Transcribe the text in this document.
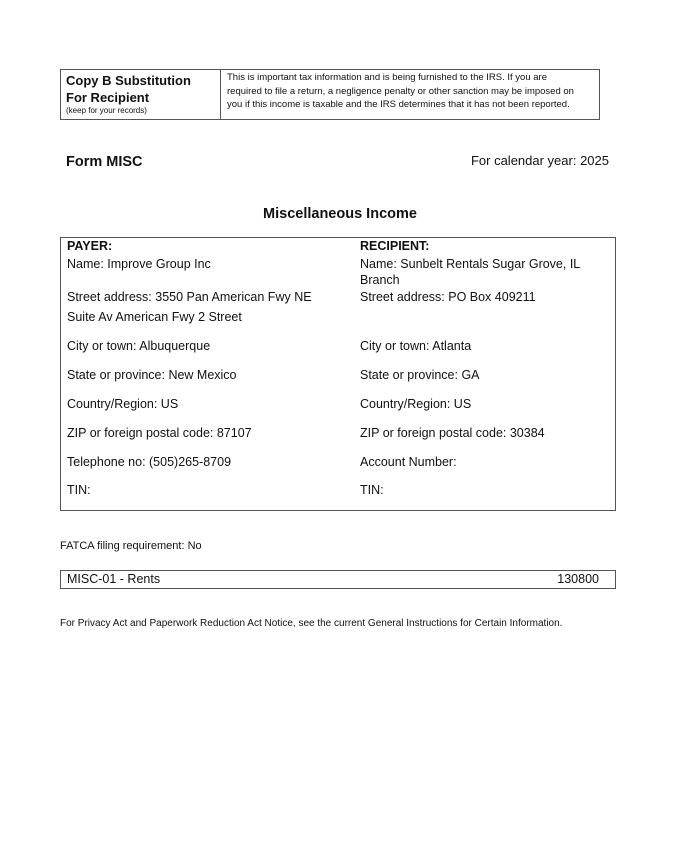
Copy B Substitution
For Recipient
(keep for your records)
This is important tax information and is being furnished to the IRS. If you are
required to file a return, a negligence penalty or other sanction may be imposed on
you if this income is taxable and the IRS determines that it has not been reported.
Form MISC	For calendar year: 2025
Miscellaneous Income
PAYER:
Name: Improve Group Inc
Street address: 3550 Pan American Fwy NE
Suite Av American Fwy 2 Street
City or town: Albuquerque
State or province: New Mexico
Country/Region: US
ZIP or foreign postal code: 87107
Telephone no: (505)265-8709
TIN:
RECIPIENT:
Name: Sunbelt Rentals Sugar Grove, IL
Branch
Street address: PO Box 409211
City or town: Atlanta
State or province: GA
Country/Region: US
ZIP or foreign postal code: 30384
Account Number:
TIN:
FATCA filing requirement: No
MISC-01 - Rents	130800
For Privacy Act and Paperwork Reduction Act Notice, see the current General Instructions for Certain Information.
